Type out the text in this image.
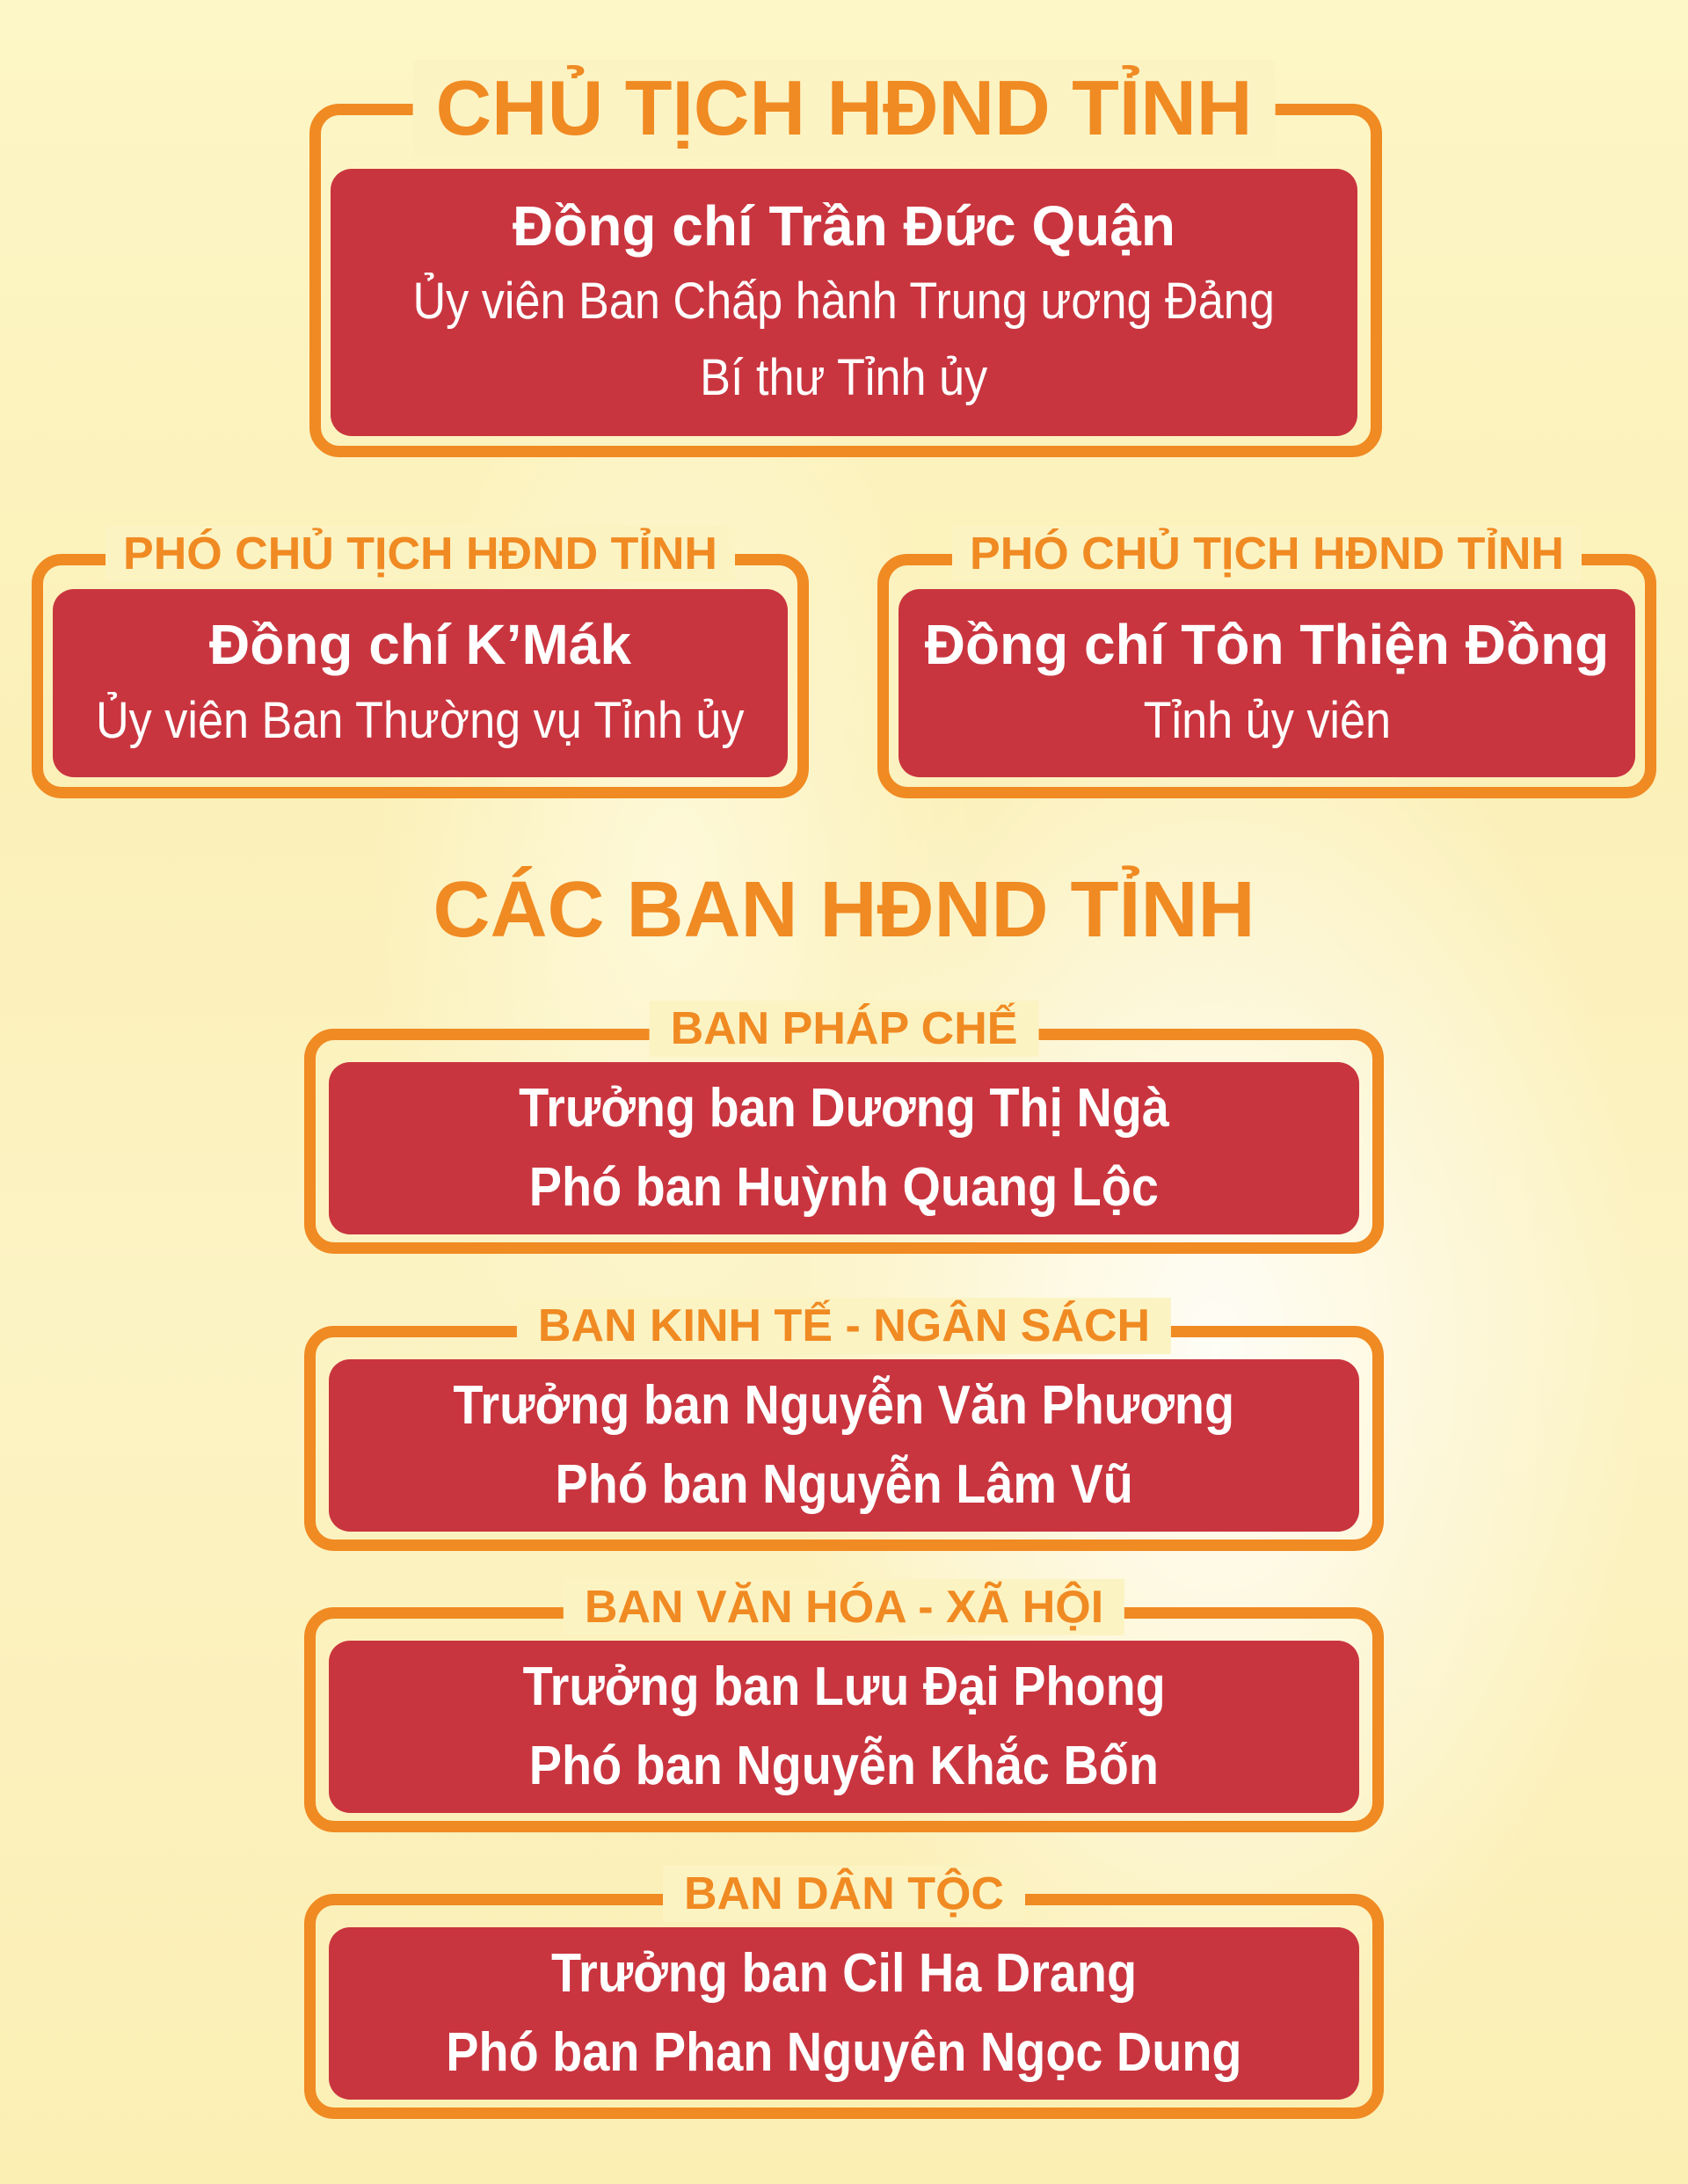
CHỦ TỊCH HĐND TỈNH
Đồng chí Trần Đức Quận
Ủy viên Ban Chấp hành Trung ương Đảng
Bí thư Tỉnh ủy
PHÓ CHỦ TỊCH HĐND TỈNH
Đồng chí K’Mák
Ủy viên Ban Thường vụ Tỉnh ủy
PHÓ CHỦ TỊCH HĐND TỈNH
Đồng chí Tôn Thiện Đồng
Tỉnh ủy viên
CÁC BAN HĐND TỈNH
BAN PHÁP CHẾ
Trưởng ban Dương Thị Ngà
Phó ban Huỳnh Quang Lộc
BAN KINH TẾ - NGÂN SÁCH
Trưởng ban Nguyễn Văn Phương
Phó ban Nguyễn Lâm Vũ
BAN VĂN HÓA - XÃ HỘI
Trưởng ban Lưu Đại Phong
Phó ban Nguyễn Khắc Bốn
BAN DÂN TỘC
Trưởng ban Cil Ha Drang
Phó ban Phan Nguyên Ngọc Dung
